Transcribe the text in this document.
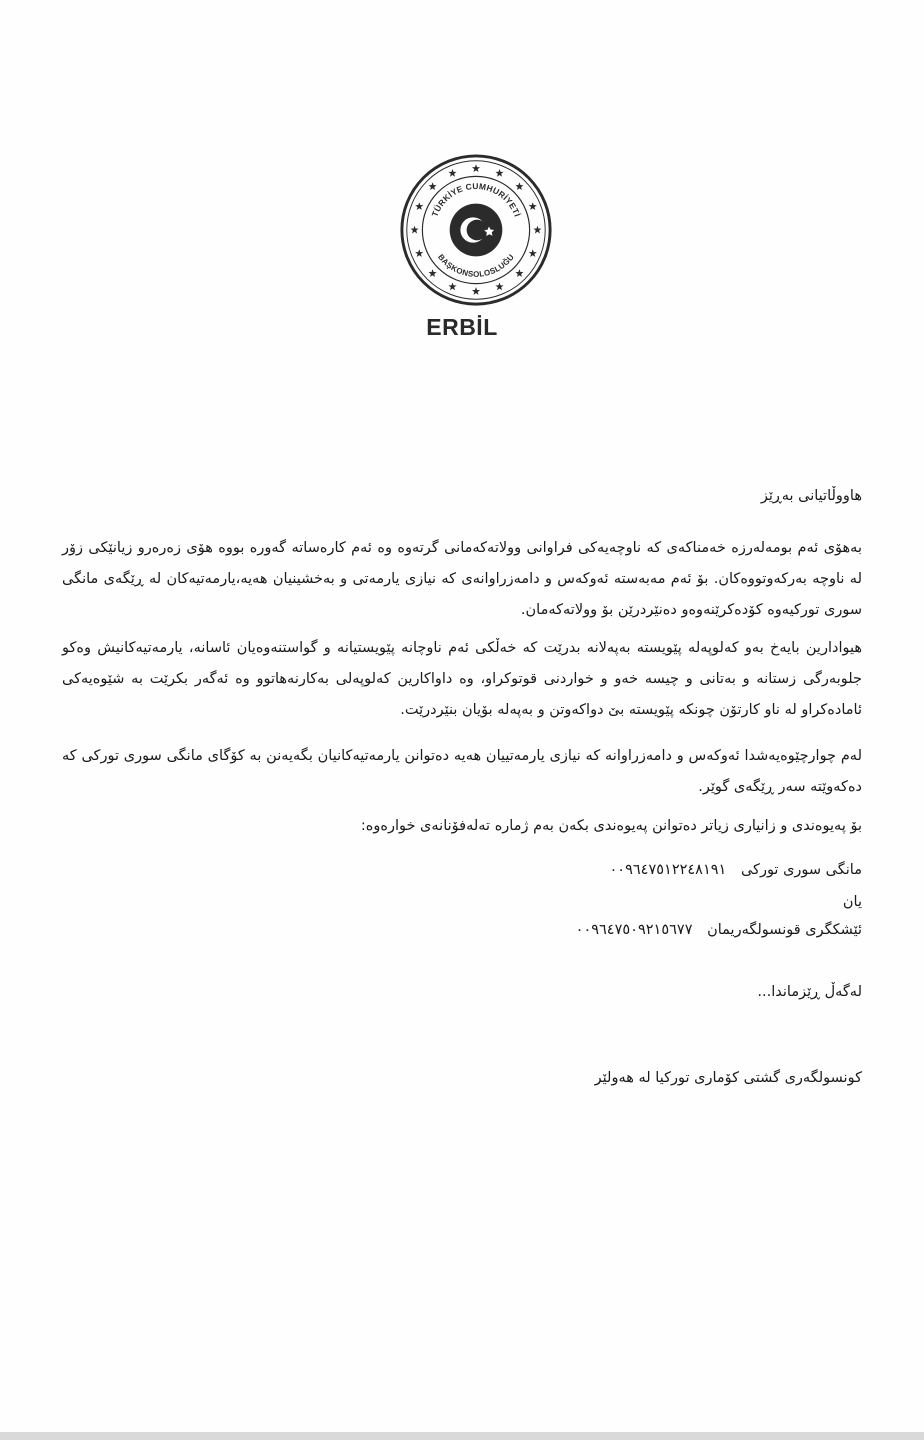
TÜRKİYE CUMHURİYETİ
BAŞKONSOLOSLUĞU
ERBİL
هاووڵاتیانی بەڕێز
بەهۆی ئەم بومەلەرزە خەمناکەی کە ناوچەیەکی فراوانی وولاتەکەمانی گرتەوە وە ئەم کارەساتە گەورە بووە هۆی زەرەرو زیانێکی زۆر لە ناوچە بەرکەوتووەکان. بۆ ئەم مەبەستە ئەوکەس و دامەزراوانەی کە نیازی یارمەتی و بەخشینیان هەیە،یارمەتیەکان لە ڕێگەی مانگی سوری تورکیەوە کۆدەکرێنەوەو دەنێردرێن بۆ وولاتەکەمان.
هیوادارین بایەخ بەو کەلوپەلە پێویستە بەپەلانە بدرێت کە خەڵکی ئەم ناوچانە پێویستیانە و گواستنەوەیان ئاسانە، یارمەتیەکانیش وەکو جلوبەرگی زستانە و بەتانی و چیسە خەو و خواردنی قوتوکراو، وە داواکارین کەلوپەلی بەکارنەهاتوو وە ئەگەر بکرێت بە شێوەیەکی ئامادەکراو لە ناو کارتۆن چونکە پێویستە بێ دواکەوتن و بەپەلە بۆیان بنێردرێت.
لەم چوارچێوەیەشدا ئەوکەس و دامەزراوانە کە نیازی یارمەتییان هەیە دەتوانن یارمەتیەکانیان بگەیەنن بە کۆگای مانگی سوری تورکی کە دەکەوێتە سەر ڕێگەی گوێر.
بۆ پەیوەندی و زانیاری زیاتر دەتوانن پەیوەندی بکەن بەم ژمارە تەلەفۆنانەی خوارەوە:
مانگی سوری تورکی ٠٠٩٦٤٧٥١٢٢٤٨١٩١
یان
ئێشکگری قونسولگەریمان ٠٠٩٦٤٧٥٠٩٢١٥٦٧٧
لەگەڵ ڕێزماندا...
کونسولگەری گشتی کۆماری تورکیا لە هەولێر
